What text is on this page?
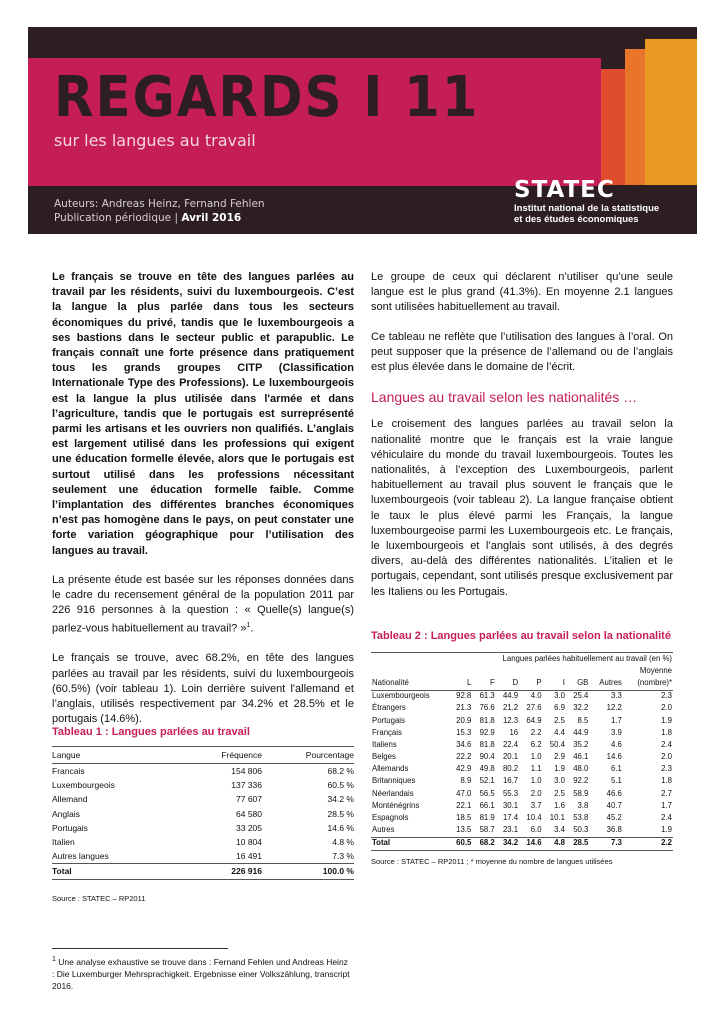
REGARDS I 11
sur les langues au travail
Auteurs: Andreas Heinz, Fernand Fehlen
Publication périodique | Avril 2016
STATEC
Institut national de la statistique
et des études économiques

Le français se trouve en tête des langues parlées au travail par les résidents, suivi du luxembourgeois. C’est la langue la plus parlée dans tous les secteurs économiques du privé, tandis que le luxembourgeois a ses bastions dans le secteur public et parapublic. Le français connaît une forte présence dans pratiquement tous les grands groupes CITP (Classification Internationale Type des Professions). Le luxembourgeois est la langue la plus utilisée dans l'armée et dans l’agriculture, tandis que le portugais est surreprésenté parmi les artisans et les ouvriers non qualifiés. L’anglais est largement utilisé dans les professions qui exigent une éducation formelle élevée, alors que le portugais est surtout utilisé dans les professions nécessitant seulement une éducation formelle faible. Comme l’implantation des différentes branches économiques n’est pas homogène dans le pays, on peut constater une forte variation géographique pour l’utilisation des langues au travail.

La présente étude est basée sur les réponses données dans le cadre du recensement général de la population 2011 par 226 916 personnes à la question : « Quelle(s) langue(s) parlez-vous habituellement au travail? »$^1$.

Le français se trouve, avec 68.2%, en tête des langues parlées au travail par les résidents, suivi du luxembourgeois (60.5%) (voir tableau 1). Loin derrière suivent l'allemand et l’anglais, utilisés respectivement par 34.2% et 28.5% et le portugais (14.6%).

Tableau 1 : Langues parlées au travail

Langue	Fréquence	Pourcentage
Francais	154 806	68.2 %
Luxembourgeois	137 336	60.5 %
Allemand	77 607	34.2 %
Anglais	64 580	28.5 %
Portugais	33 205	14.6 %
Italien	10 804	4.8 %
Autres langues	16 491	7.3 %
Total	226 916	100.0 %
Source : STATEC – RP2011

Le groupe de ceux qui déclarent n’utiliser qu’une seule langue est le plus grand (41.3%). En moyenne 2.1 langues sont utilisées habituellement au travail.

Ce tableau ne reflète que l’utilisation des langues à l’oral. On peut supposer que la présence de l’allemand ou de l’anglais est plus élevée dans le domaine de l’écrit.

Langues au travail selon les nationalités …

Le croisement des langues parlées au travail selon la nationalité montre que le français est la vraie langue véhiculaire du monde du travail luxembourgeois. Toutes les nationalités, à l’exception des Luxembourgeois, parlent habituellement au travail plus souvent le français que le luxembourgeois (voir tableau 2). La langue française obtient le taux le plus élevé parmi les Français, la langue luxembourgeoise parmi les Luxembourgeois etc. Le français, le luxembourgeois et l’anglais sont utilisés, à des degrés divers, au-delà des différentes nationalités. L’italien et le portugais, cependant, sont utilisés presque exclusivement par les Italiens ou les Portugais.

Tableau 2 : Langues parlées au travail selon la nationalité

	Langues parlées habituellement au travail (en %)							
								Moyenne
Nationalité	L	F	D	P	I	GB	Autres	(nombre)*
Luxembourgeois	92.8	61.3	44.9	4.0	3.0	25.4	3.3	2.3
Étrangers	21.3	76.6	21.2	27.6	6.9	32.2	12.2	2.0
Portugais	20.9	81.8	12.3	64.9	2.5	8.5	1.7	1.9
Français	15.3	92.9	16	2.2	4.4	44.9	3.9	1.8
Italiens	34.6	81.8	22.4	6.2	50.4	35.2	4.6	2.4
Belges	22.2	90.4	20.1	1.0	2.9	46.1	14.6	2.0
Allemands	42.9	49.8	80.2	1.1	1.9	48.0	6.1	2.3
Britanniques	8.9	52.1	16.7	1.0	3.0	92.2	5.1	1.8
Néerlandais	47.0	56.5	55.3	2.0	2.5	58.9	46.6	2.7
Monténégrins	22.1	66.1	30.1	3.7	1.6	3.8	40.7	1.7
Espagnols	18.5	81.9	17.4	10.4	10.1	53.8	45.2	2.4
Autres	13.5	58.7	23.1	6.0	3.4	50.3	36.8	1.9
Total	60.5	68.2	34.2	14.6	4.8	28.5	7.3	2.2
Source : STATEC – RP2011 ; * moyenne du nombre de langues utilisées
$^1$ Une analyse exhaustive se trouve dans : Fernand Fehlen und Andreas Heinz : Die Luxemburger Mehrsprachigkeit. Ergebnisse einer Volkszählung, transcript 2016.
